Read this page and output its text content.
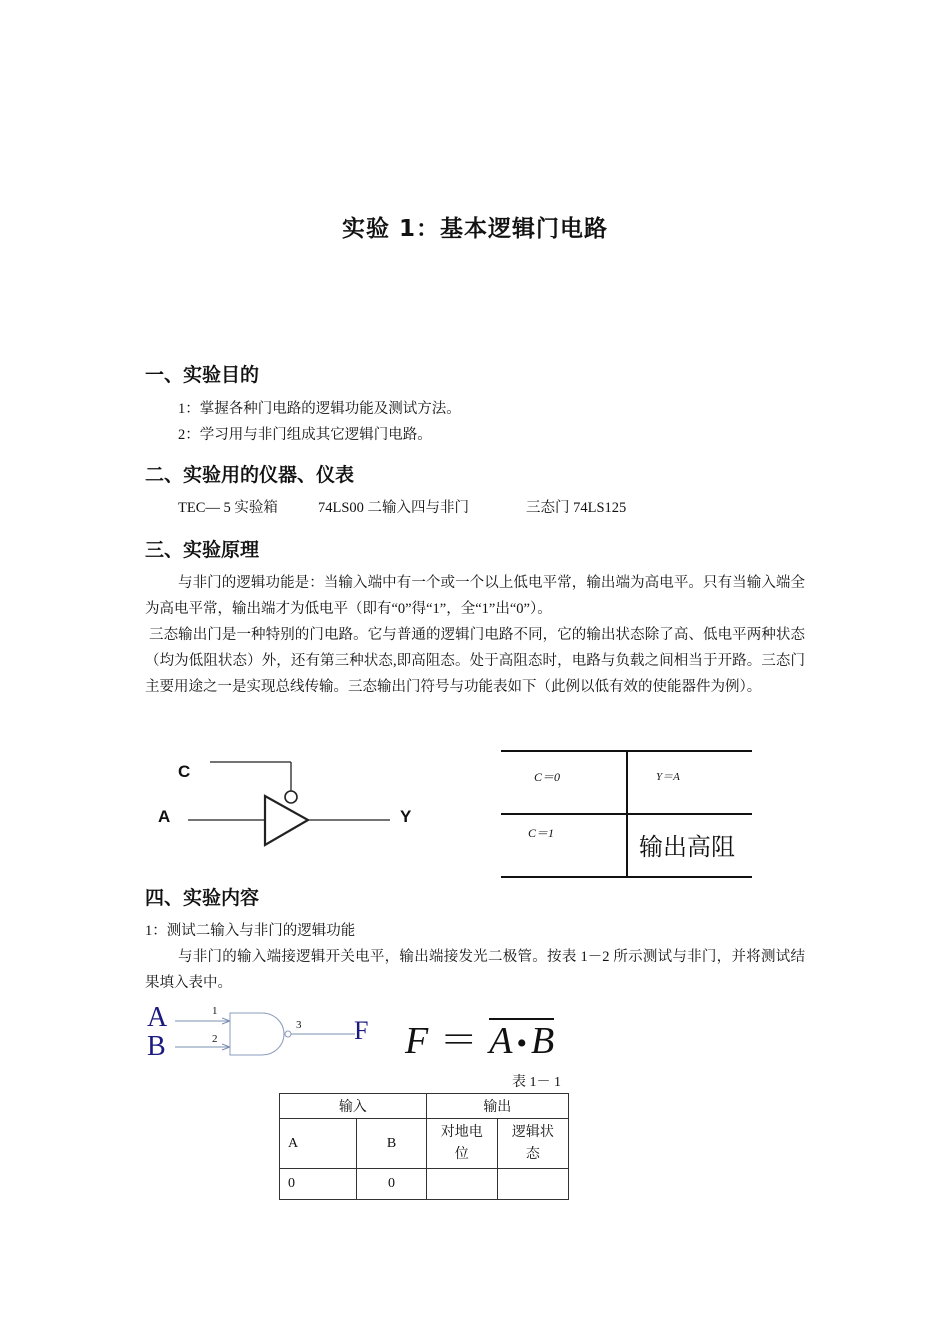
实验 1：基本逻辑门电路
一、实验目的
1：掌握各种门电路的逻辑功能及测试方法。
2：学习用与非门组成其它逻辑门电路。
二、实验用的仪器、仪表
TEC— 5 实验箱	74LS00 二输入四与非门	三态门 74LS125
三、实验原理
与非门的逻辑功能是：当输入端中有一个或一个以上低电平常，输出端为高电平。只有当输入端全为高电平常，输出端才为低电平（即有“0”得“1”，全“1”出“0”）。
三态输出门是一种特别的门电路。它与普通的逻辑门电路不同，它的输出状态除了高、低电平两种状态（均为低阻状态）外，还有第三种状态,即高阻态。处于高阻态时，电路与负载之间相当于开路。三态门主要用途之一是实现总线传输。三态输出门符号与功能表如下（此例以低有效的使能器件为例）。
C
A	Y
C＝0	Y＝A
C＝1	输出高阻
四、实验内容
1：测试二输入与非门的逻辑功能
与非门的输入端接逻辑开关电平，输出端接发光二极管。按表 1－2 所示测试与非门，并将测试结果填入表中。
A
B
F
1
2
3	F ＝ A • B
表 1－ 1
输入		输出	
A	B	对地电位	逻辑状态

0	0		
